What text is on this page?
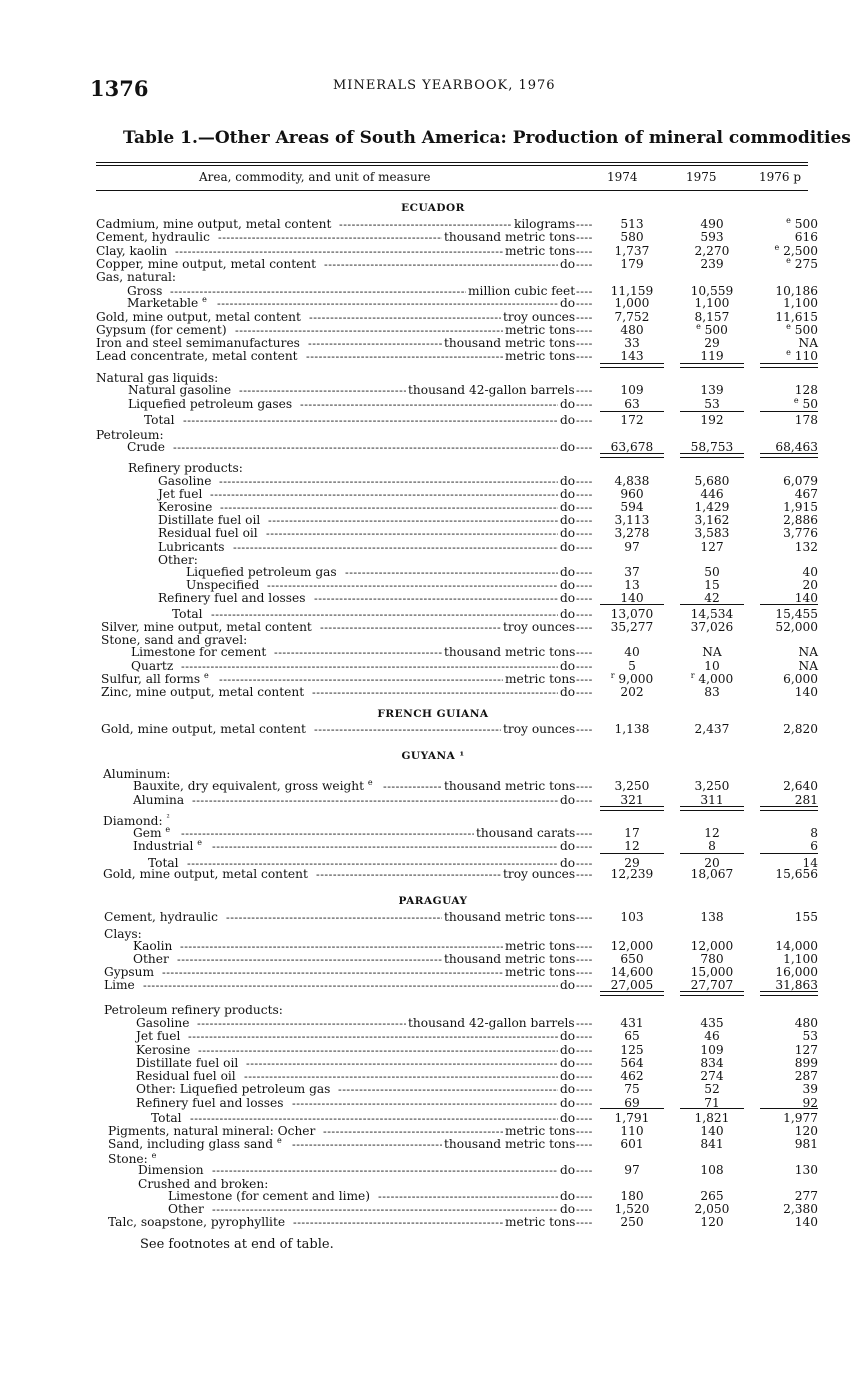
1376	MINERALS YEARBOOK, 1976
Table 1.—Other Areas of South America: Production of mineral commodities
Area, commodity, and unit of measure	1974	1975	1976 p
ECUADOR
FRENCH GUIANA
GUYANA ¹
PARAGUAY
Cadmium, mine output, metal content	kilograms - - - - - -	513	490	$^e$ 500
Cement, hydraulic	thousand metric tons - - - - - -	580	593	616
Clay, kaolin	metric tons - - - - - -	1,737	2,270	$^e$ 2,500
Copper, mine output, metal content	do - - - - - -	179	239	$^e$ 275
Gas, natural:
Gross	million cubic feet - - - - - -	11,159	10,559	10,186
Marketable $^e$	do - - - - - -	1,000	1,100	1,100
Gold, mine output, metal content	troy ounces - - - - - -	7,752	8,157	11,615
Gypsum (for cement)	metric tons - - - - - -	480	$^e$ 500	$^e$ 500
Iron and steel semimanufactures	thousand metric tons - - - - - -	33	29	NA
Lead concentrate, metal content	metric tons - - - - - -	143	119	$^e$ 110
Natural gas liquids:
Natural gasoline	thousand 42-gallon barrels - - - - - -	109	139	128
Liquefied petroleum gases	do - - - - - -	63	53	$^e$ 50
Total	do - - - - - -	172	192	178
Petroleum:
Crude	do - - - - - -	63,678	58,753	68,463
Refinery products:
Gasoline	do - - - - - -	4,838	5,680	6,079
Jet fuel	do - - - - - -	960	446	467
Kerosine	do - - - - - -	594	1,429	1,915
Distillate fuel oil	do - - - - - -	3,113	3,162	2,886
Residual fuel oil	do - - - - - -	3,278	3,583	3,776
Lubricants	do - - - - - -	97	127	132
Other:
Liquefied petroleum gas	do - - - - - -	37	50	40
Unspecified	do - - - - - -	13	15	20
Refinery fuel and losses	do - - - - - -	140	42	140
Total	do - - - - - -	13,070	14,534	15,455
Silver, mine output, metal content	troy ounces - - - - - -	35,277	37,026	52,000
Stone, sand and gravel:
Limestone for cement	thousand metric tons - - - - - -	40	NA	NA
Quartz	do - - - - - -	5	10	NA
Sulfur, all forms $^e$	metric tons - - - - - -	$^r$ 9,000	$^r$ 4,000	6,000
Zinc, mine output, metal content	do - - - - - -	202	83	140
Gold, mine output, metal content	troy ounces - - - - - -	1,138	2,437	2,820
Aluminum:
Bauxite, dry equivalent, gross weight $^e$	thousand metric tons - - - - - -	3,250	3,250	2,640
Alumina	do - - - - - -	321	311	281
Diamond: $^{^2}$
Gem $^e$	thousand carats - - - - - -	17	12	8
Industrial $^e$	do - - - - - -	12	8	6
Total	do - - - - - -	29	20	14
Gold, mine output, metal content	troy ounces - - - - - -	12,239	18,067	15,656
Cement, hydraulic	thousand metric tons - - - - - -	103	138	155
Clays:
Kaolin	metric tons - - - - - -	12,000	12,000	14,000
Other	thousand metric tons - - - - - -	650	780	1,100
Gypsum	metric tons - - - - - -	14,600	15,000	16,000
Lime	do - - - - - -	27,005	27,707	31,863
Petroleum refinery products:
Gasoline	thousand 42-gallon barrels - - - - - -	431	435	480
Jet fuel	do - - - - - -	65	46	53
Kerosine	do - - - - - -	125	109	127
Distillate fuel oil	do - - - - - -	564	834	899
Residual fuel oil	do - - - - - -	462	274	287
Other: Liquefied petroleum gas	do - - - - - -	75	52	39
Refinery fuel and losses	do - - - - - -	69	71	92
Total	do - - - - - -	1,791	1,821	1,977
Pigments, natural mineral: Ocher	metric tons - - - - - -	110	140	120
Sand, including glass sand $^e$	thousand metric tons - - - - - -	601	841	981
Stone: $^e$
Dimension	do - - - - - -	97	108	130
Crushed and broken:
Limestone (for cement and lime)	do - - - - - -	180	265	277
Other	do - - - - - -	1,520	2,050	2,380
Talc, soapstone, pyrophyllite	metric tons - - - - - -	250	120	140
See footnotes at end of table.
